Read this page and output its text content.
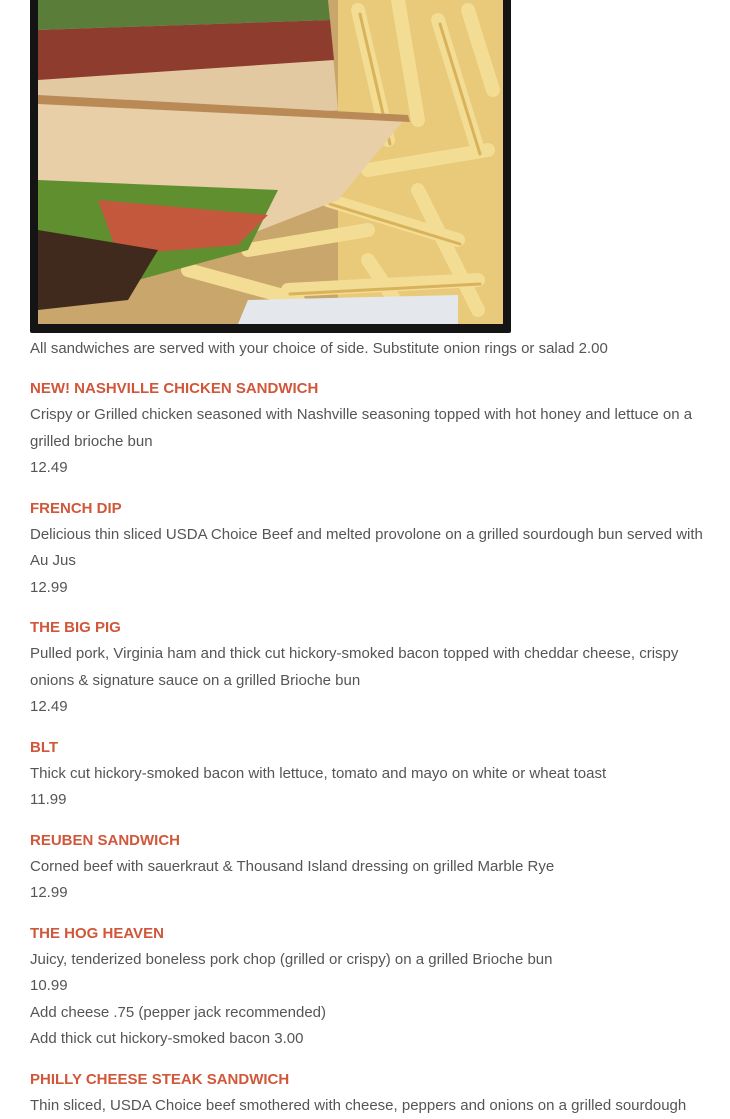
All sandwiches are served with your choice of side. Substitute onion rings or salad 2.00
NEW! NASHVILLE CHICKEN SANDWICH
Crispy or Grilled chicken seasoned with Nashville seasoning topped with hot honey and lettuce on a grilled brioche bun
12.49
FRENCH DIP
Delicious thin sliced USDA Choice Beef and melted provolone on a grilled sourdough bun served with Au Jus
12.99
THE BIG PIG
Pulled pork, Virginia ham and thick cut hickory-smoked bacon topped with cheddar cheese, crispy onions & signature sauce on a grilled Brioche bun
12.49
BLT
Thick cut hickory-smoked bacon with lettuce, tomato and mayo on white or wheat toast
11.99
REUBEN SANDWICH
Corned beef with sauerkraut & Thousand Island dressing on grilled Marble Rye
12.99
THE HOG HEAVEN
Juicy, tenderized boneless pork chop (grilled or crispy) on a grilled Brioche bun
10.99
Add cheese .75 (pepper jack recommended)
Add thick cut hickory-smoked bacon 3.00
PHILLY CHEESE STEAK SANDWICH
Thin sliced, USDA Choice beef smothered with cheese, peppers and onions on a grilled sourdough
